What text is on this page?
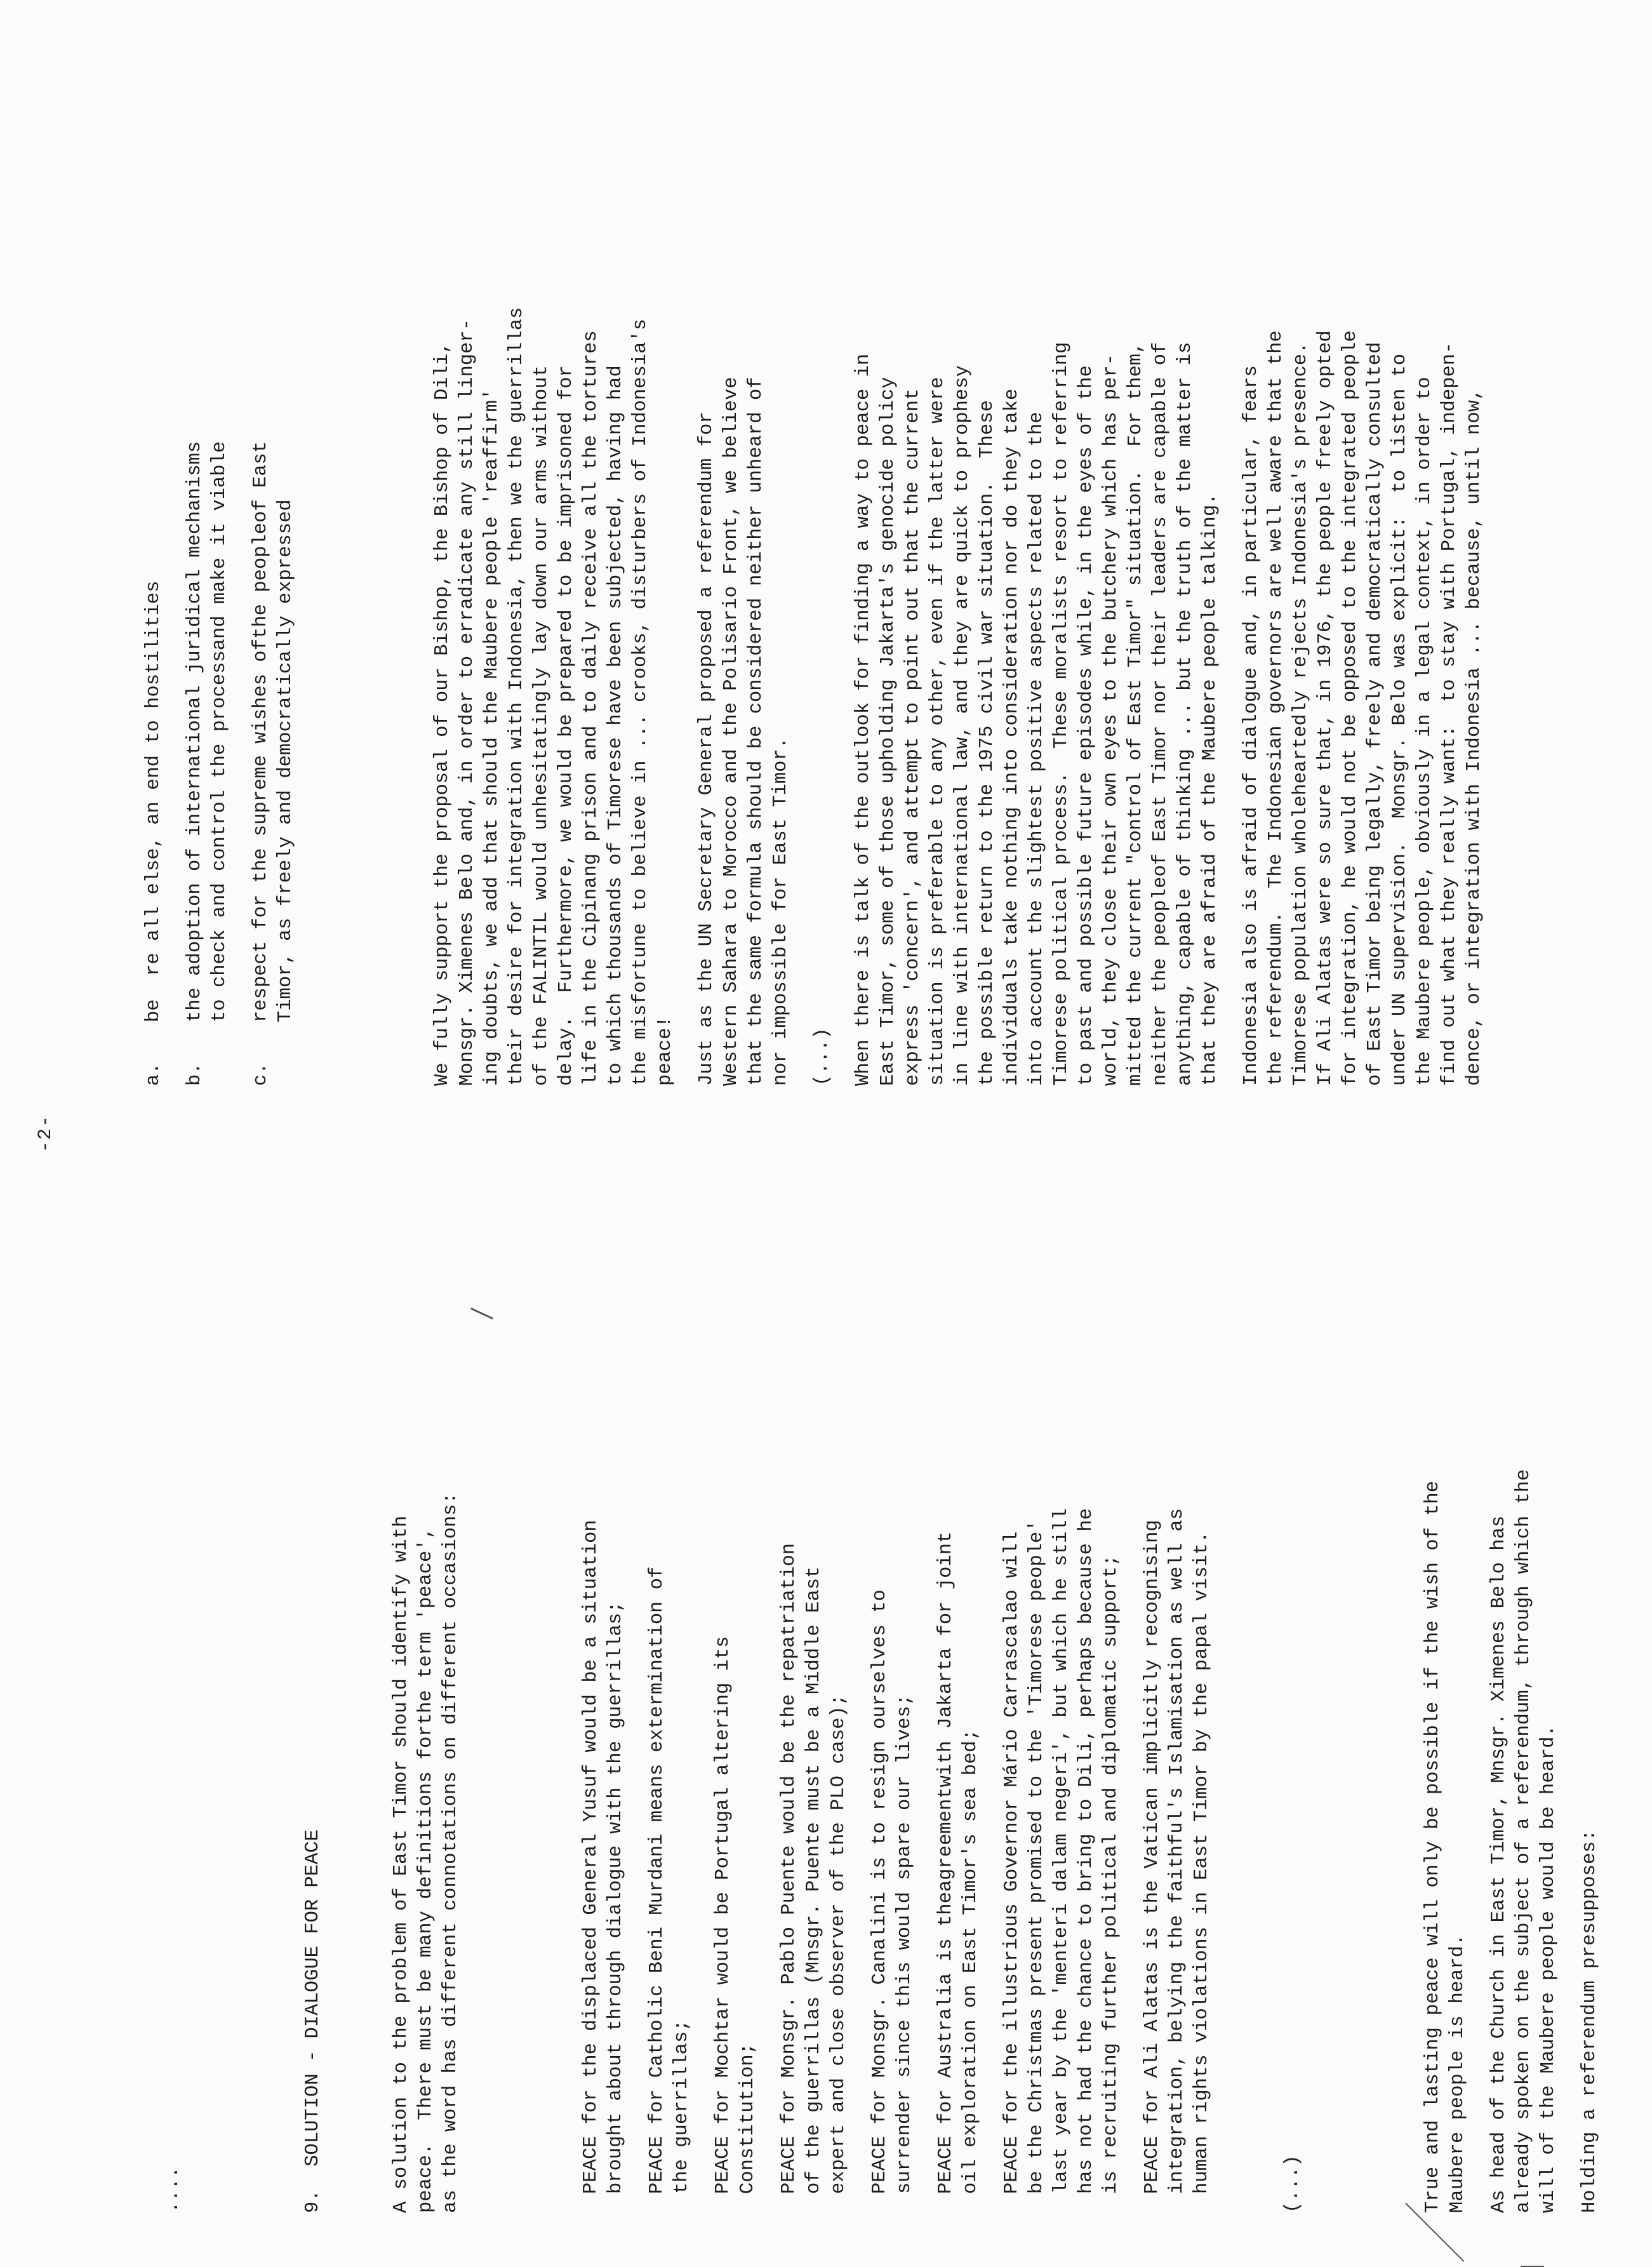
-2-

....

	9.  SOLUTION - DIALOGUE FOR PEACE

	A solution to the problem of East Timor should identify with peace.  There must be many definitions forthe term 'peace', as the word has different connotations on different occasions:

	PEACE for the displaced General Yusuf would be a situation brought about through dialogue with the guerrillas; PEACE for Catholic Beni Murdani means extermination of the guerrillas; PEACE for Mochtar would be Portugal altering its Constitution; PEACE for Monsgr. Pablo Puente would be the repatriation of the guerrillas (Mnsgr. Puente must be a Middle East expert and close observer of the PLO case); PEACE for Monsgr. Canalini is to resign ourselves to surrender since this would spare our lives; PEACE for Australia is theagreementwith Jakarta for joint oil exploration on East Timor's sea bed; PEACE for the illustrious Governor Mário Carrascalao will be the Christmas present promised to the 'Timorese people' last year by the 'menteri dalam negeri', but which he still has not had the chance to bring to Dili, perhaps because he is recruiting further political and diplomatic support; PEACE for Ali Alatas is the Vatican implicitly recognising integration, belying the faithful's Islamisation as well as human rights violations in East Timor by the papal visit.

	(...)

	True and lasting peace will only be possible if the wish of the Maubere people is heard. As head of the Church in East Timor, Mnsgr. Ximenes Belo has already spoken on the subject of a referendum, through which the will of the Maubere people would be heard. Holding a referendum presupposes:

a.
be  re all else, an end to hostilities
b.
the adoption of international juridical mechanisms to check and control the processand make it viable
c.
respect for the supreme wishes ofthe peopleof East Timor, as freely and democratically expressed

	We fully support the proposal of our Bishop, the Bishop of Dili, Monsgr. Ximenes Belo and, in order to erradicate any still linger- ing doubts, we add that should the Maubere people 'reaffirm' their desire for integration with Indonesia, then we the guerrillas of the FALINTIL would unhesitatingly lay down our arms without delay.  Furthermore, we would be prepared to be imprisoned for life in the Cipinang prison and to daily receive all the tortures to which thousands of Timorese have been subjected, having had the misfortune to believe in ... crooks, disturbers of Indonesia's peace! Just as the UN Secretary General proposed a referendum for Western Sahara to Morocco and the Polisario Front, we believe that the same formula should be considered neither unheard of nor impossible for East Timor. (...) When there is talk of the outlook for finding a way to peace in East Timor, some of those upholding Jakarta's genocide policy express 'concern', and attempt to point out that the current situation is preferable to any other, even if the latter were in line with international law, and they are quick to prophesy the possible return to the 1975 civil war situation.  These individuals take nothing into consideration nor do they take into account the slightest positive aspects related to the Timorese political process.  These moralists resort to referring to past and possible future episodes while, in the eyes of the world, they close their own eyes to the butchery which has per- mitted the current "control of East Timor" situation.  For them, neither the peopleof East Timor nor their leaders are capable of anything, capable of thinking ... but the truth of the matter is that they are afraid of the Maubere people talking. Indonesia also is afraid of dialogue and, in particular, fears the referendum.  The Indonesian governors are well aware that the Timorese population wholeheartedly rejects Indonesia's presence. If Ali Alatas were so sure that, in 1976, the people freely opted for integration, he would not be opposed to the integrated people of East Timor being legally, freely and democratically consulted under UN supervision.  Monsgr. Belo was explicit:  to listen to the Maubere people, obviously in a legal context, in order to find out what they really want:  to stay with Portugal, indepen- dence, or integration with Indonesia ... because, until now,
